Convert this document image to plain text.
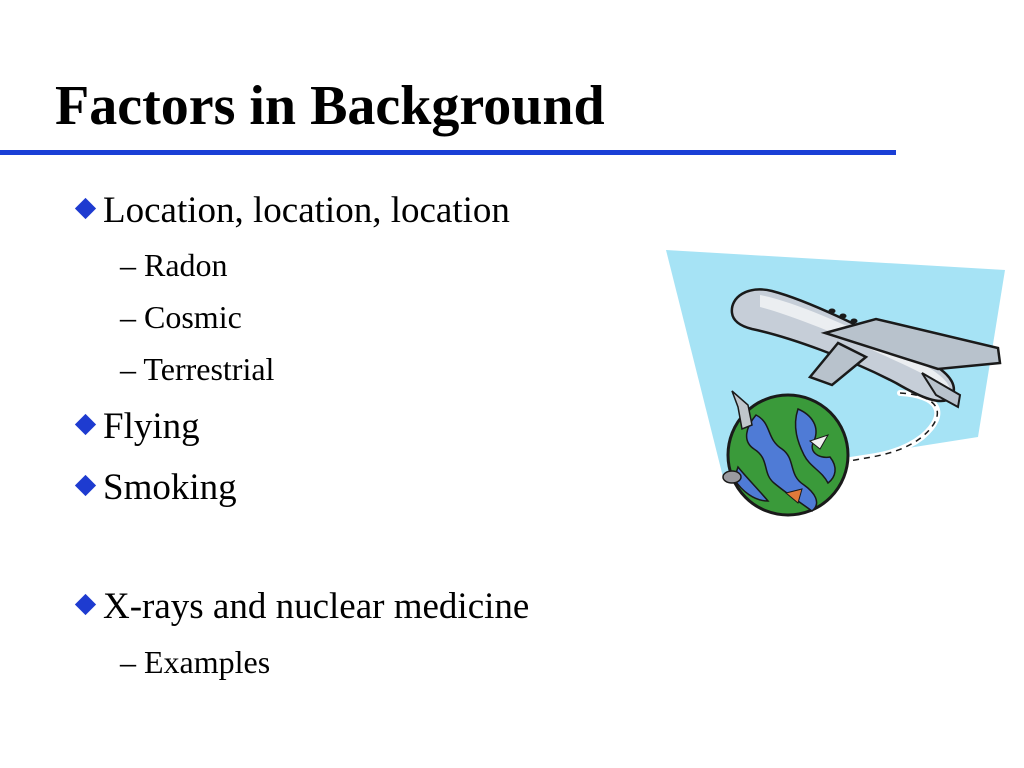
Factors in Background
Location, location, location
– Radon
– Cosmic
– Terrestrial
Flying
Smoking
X-rays and nuclear medicine
– Examples
